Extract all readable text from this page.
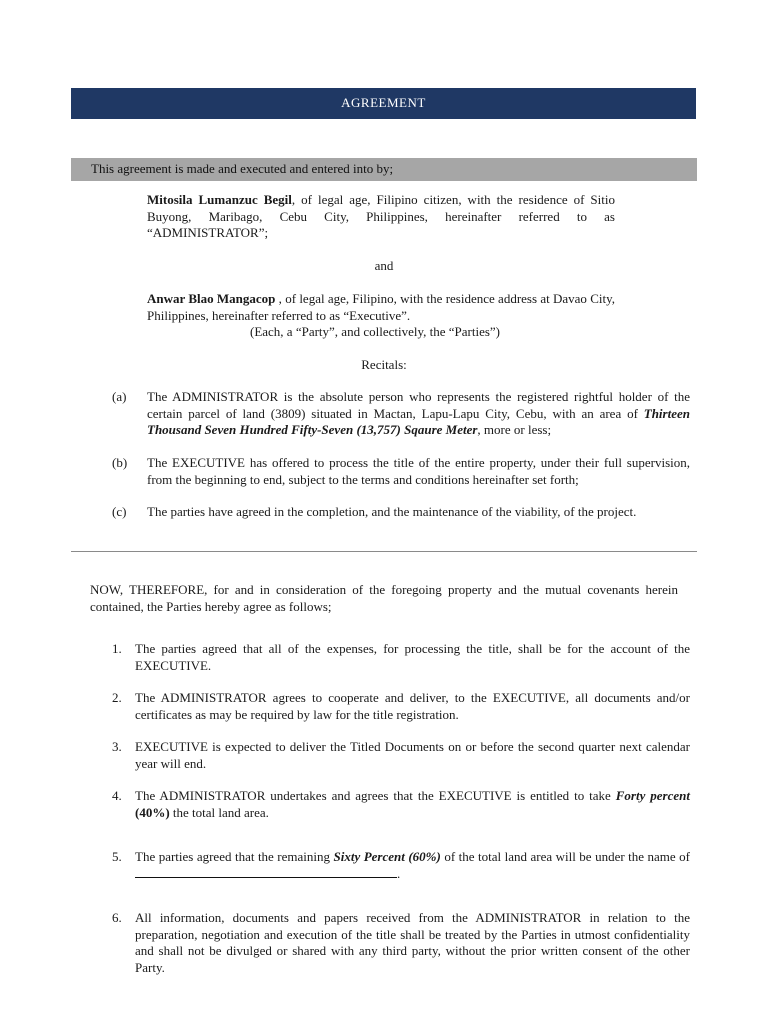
AGREEMENT
This agreement is made and executed and entered into by;
Mitosila Lumanzuc Begil, of legal age, Filipino citizen, with the residence of Sitio Buyong, Maribago, Cebu City, Philippines, hereinafter referred to as “ADMINISTRATOR”;
and
Anwar Blao Mangacop , of legal age, Filipino, with the residence address at Davao City, Philippines, hereinafter referred to as “Executive”.
(Each, a “Party”, and collectively, the “Parties”)
Recitals:
(a) The ADMINISTRATOR is the absolute person who represents the registered rightful holder of the certain parcel of land (3809) situated in Mactan, Lapu-Lapu City, Cebu, with an area of Thirteen Thousand Seven Hundred Fifty-Seven (13,757) Sqaure Meter, more or less;
(b) The EXECUTIVE has offered to process the title of the entire property, under their full supervision, from the beginning to end, subject to the terms and conditions hereinafter set forth;
(c) The parties have agreed in the completion, and the maintenance of the viability, of the project.
NOW, THEREFORE, for and in consideration of the foregoing property and the mutual covenants herein contained, the Parties hereby agree as follows;
1. The parties agreed that all of the expenses, for processing the title, shall be for the account of the EXECUTIVE.
2. The ADMINISTRATOR agrees to cooperate and deliver, to the EXECUTIVE, all documents and/or certificates as may be required by law for the title registration.
3. EXECUTIVE is expected to deliver the Titled Documents on or before the second quarter next calendar year will end.
4. The ADMINISTRATOR undertakes and agrees that the EXECUTIVE is entitled to take Forty percent (40%) the total land area.
5. The parties agreed that the remaining Sixty Percent (60%) of the total land area will be under the name of .
6. All information, documents and papers received from the ADMINISTRATOR in relation to the preparation, negotiation and execution of the title shall be treated by the Parties in utmost confidentiality and shall not be divulged or shared with any third party, without the prior written consent of the other Party.
